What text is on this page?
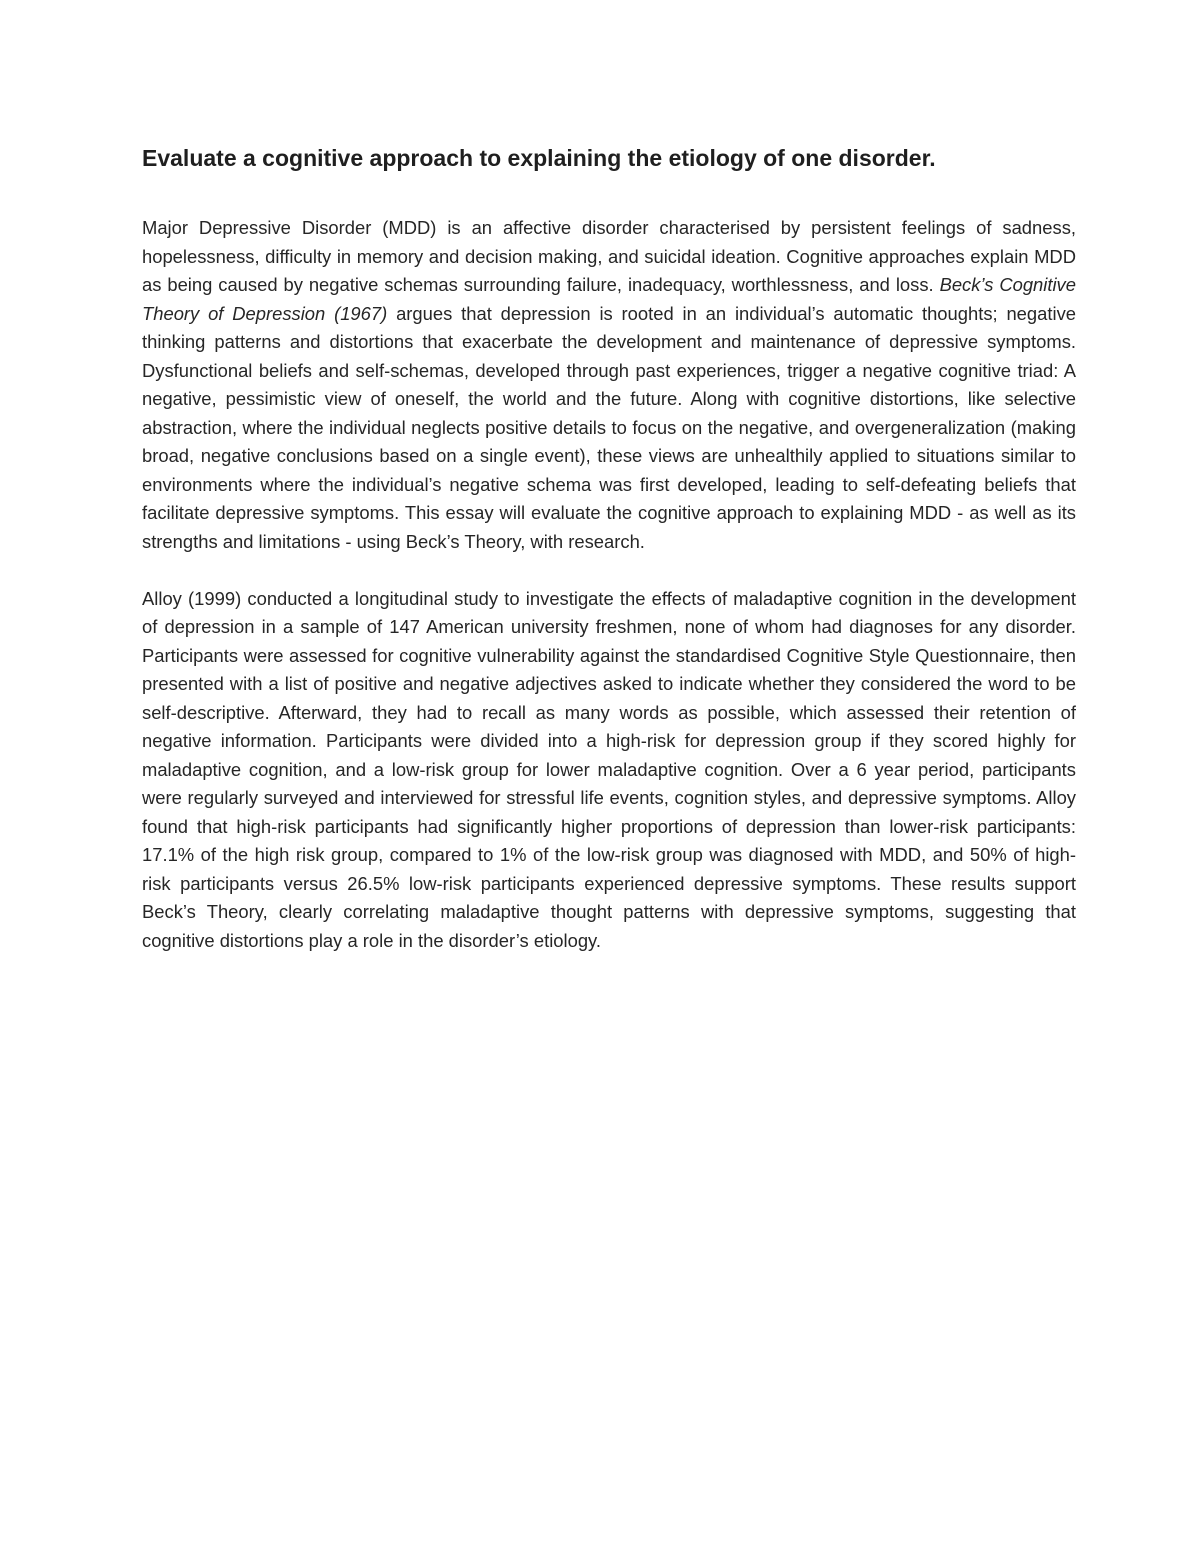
Evaluate a cognitive approach to explaining the etiology of one disorder.

Major Depressive Disorder (MDD) is an affective disorder characterised by persistent feelings of sadness, hopelessness, difficulty in memory and decision making, and suicidal ideation. Cognitive approaches explain MDD as being caused by negative schemas surrounding failure, inadequacy, worthlessness, and loss. Beck’s Cognitive Theory of Depression (1967) argues that depression is rooted in an individual’s automatic thoughts; negative thinking patterns and distortions that exacerbate the development and maintenance of depressive symptoms. Dysfunctional beliefs and self-schemas, developed through past experiences, trigger a negative cognitive triad: A negative, pessimistic view of oneself, the world and the future. Along with cognitive distortions, like selective abstraction, where the individual neglects positive details to focus on the negative, and overgeneralization (making broad, negative conclusions based on a single event), these views are unhealthily applied to situations similar to environments where the individual’s negative schema was first developed, leading to self-defeating beliefs that facilitate depressive symptoms. This essay will evaluate the cognitive approach to explaining MDD - as well as its strengths and limitations - using Beck’s Theory, with research.

Alloy (1999) conducted a longitudinal study to investigate the effects of maladaptive cognition in the development of depression in a sample of 147 American university freshmen, none of whom had diagnoses for any disorder. Participants were assessed for cognitive vulnerability against the standardised Cognitive Style Questionnaire, then presented with a list of positive and negative adjectives asked to indicate whether they considered the word to be self-descriptive. Afterward, they had to recall as many words as possible, which assessed their retention of negative information. Participants were divided into a high-risk for depression group if they scored highly for maladaptive cognition, and a low-risk group for lower maladaptive cognition. Over a 6 year period, participants were regularly surveyed and interviewed for stressful life events, cognition styles, and depressive symptoms. Alloy found that high-risk participants had significantly higher proportions of depression than lower-risk participants: 17.1% of the high risk group, compared to 1% of the low-risk group was diagnosed with MDD, and 50% of high-risk participants versus 26.5% low-risk participants experienced depressive symptoms. These results support Beck’s Theory, clearly correlating maladaptive thought patterns with depressive symptoms, suggesting that cognitive distortions play a role in the disorder’s etiology.
